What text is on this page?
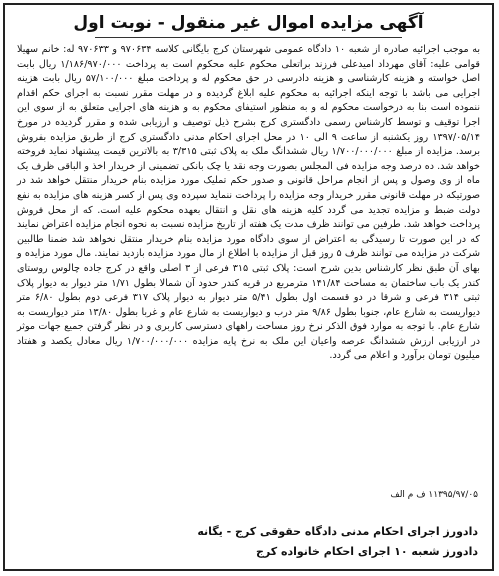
آگهی مزایده اموال غیر منقول - نوبت اول

به موجب اجرائیه صادره از شعبه ۱۰ دادگاه عمومی شهرستان کرج بایگانی کلاسه ۹۷۰۶۳۴ و ۹۷۰۶۳۳ له: خانم سهیلا قوامی علیه: آقای مهرداد امیدعلی فرزند براتعلی محکوم علیه محکوم است به پرداخت ۱/۱۸۶/۹۷۰/۰۰۰ ریال بابت اصل خواسته و هزینه کارشناسی و هزینه دادرسی در حق محکوم له و پرداخت مبلغ ۵۷/۱۰۰/۰۰۰ ریال بابت هزینه اجرایی می باشد با توجه اینکه اجرائیه به محکوم علیه ابلاغ گردیده و در مهلت مقرر نسبت به اجرای حکم اقدام ننموده است بنا به درخواست محکوم له و به منظور استیفای محکوم به و هزینه های اجرایی متعلق به از سوی این اجرا توقیف و توسط کارشناس رسمی دادگستری کرج بشرح ذیل توصیف و ارزیابی شده و مقرر گردیده در مورخ ۱۳۹۷/۰۵/۱۴ روز یکشنبه از ساعت ۹ الی ۱۰ در محل اجرای احکام مدنی دادگستری کرج از طریق مزایده بفروش برسد. مزایده از مبلغ ۱/۷۰۰/۰۰۰/۰۰۰ ریال ششدانگ ملک به پلاک ثبتی ۳/۳۱۵ به بالاترین قیمت پیشنهاد نماید فروخته خواهد شد. ده درصد وجه مزایده فی المجلس بصورت وجه نقد یا چک بانکی تضمینی از خریدار اخذ و الباقی ظرف یک ماه از وی وصول و پس از انجام مراحل قانونی و صدور حکم تملیک مورد مزایده بنام خریدار منتقل خواهد شد در صورتیکه در مهلت قانونی مقرر خریدار وجه مزایده را پرداخت ننماید سپرده وی پس از کسر هزینه های مزایده به نفع دولت ضبط و مزایده تجدید می گردد کلیه هزینه های نقل و انتقال بعهده محکوم علیه است. که از محل فروش پرداخت خواهد شد. طرفین می توانند ظرف مدت یک هفته از تاریخ مزایده نسبت به نحوه انجام مزایده اعتراض نمایند که در این صورت تا رسیدگی به اعتراض از سوی دادگاه مورد مزایده بنام خریدار منتقل نخواهد شد ضمنا طالبین شرکت در مزایده می توانند ظرف ۵ روز قبل از مزایده با اطلاع از مال مورد مزایده بازدید نمایند. مال مورد مزایده و بهای آن طبق نظر کارشناس بدین شرح است: پلاک ثبتی ۳۱۵ فرعی از ۳ اصلی واقع در کرج جاده چالوس روستای کندر یک باب ساختمان به مساحت ۱۴۱/۸۴ مترمربع در قریه کندر حدود آن شمالا بطول ۱/۷۱ متر دیوار به دیوار پلاک ثبتی ۳۱۴ فرعی و شرقا در دو قسمت اول بطول ۵/۴۱ متر دیوار به دیوار پلاک ۳۱۷ فرعی دوم بطول ۶/۸۰ متر دیواریست به شارع عام، جنوبا بطول ۹/۸۶ متر درب و دیواریست به شارع عام و غربا بطول ۱۳/۸۰ متر دیواریست به شارع عام. با توجه به موارد فوق الذکر نرخ روز مساحت راههای دسترسی کاربری و در نظر گرفتن جمیع جهات موثر در ارزیابی ارزش ششدانگ عرصه واعیان این ملک به نرخ پایه مزایده ۱/۷۰۰/۰۰۰/۰۰۰ ریال معادل یکصد و هفتاد میلیون تومان برآورد و اعلام می گردد.

۱۱۳۹۵/۹۷/۰۵ ف م الف
دادورز اجرای احکام مدنی دادگاه حقوقی کرج - یگانه
دادورز شعبه ۱۰ اجرای احکام خانواده کرج
